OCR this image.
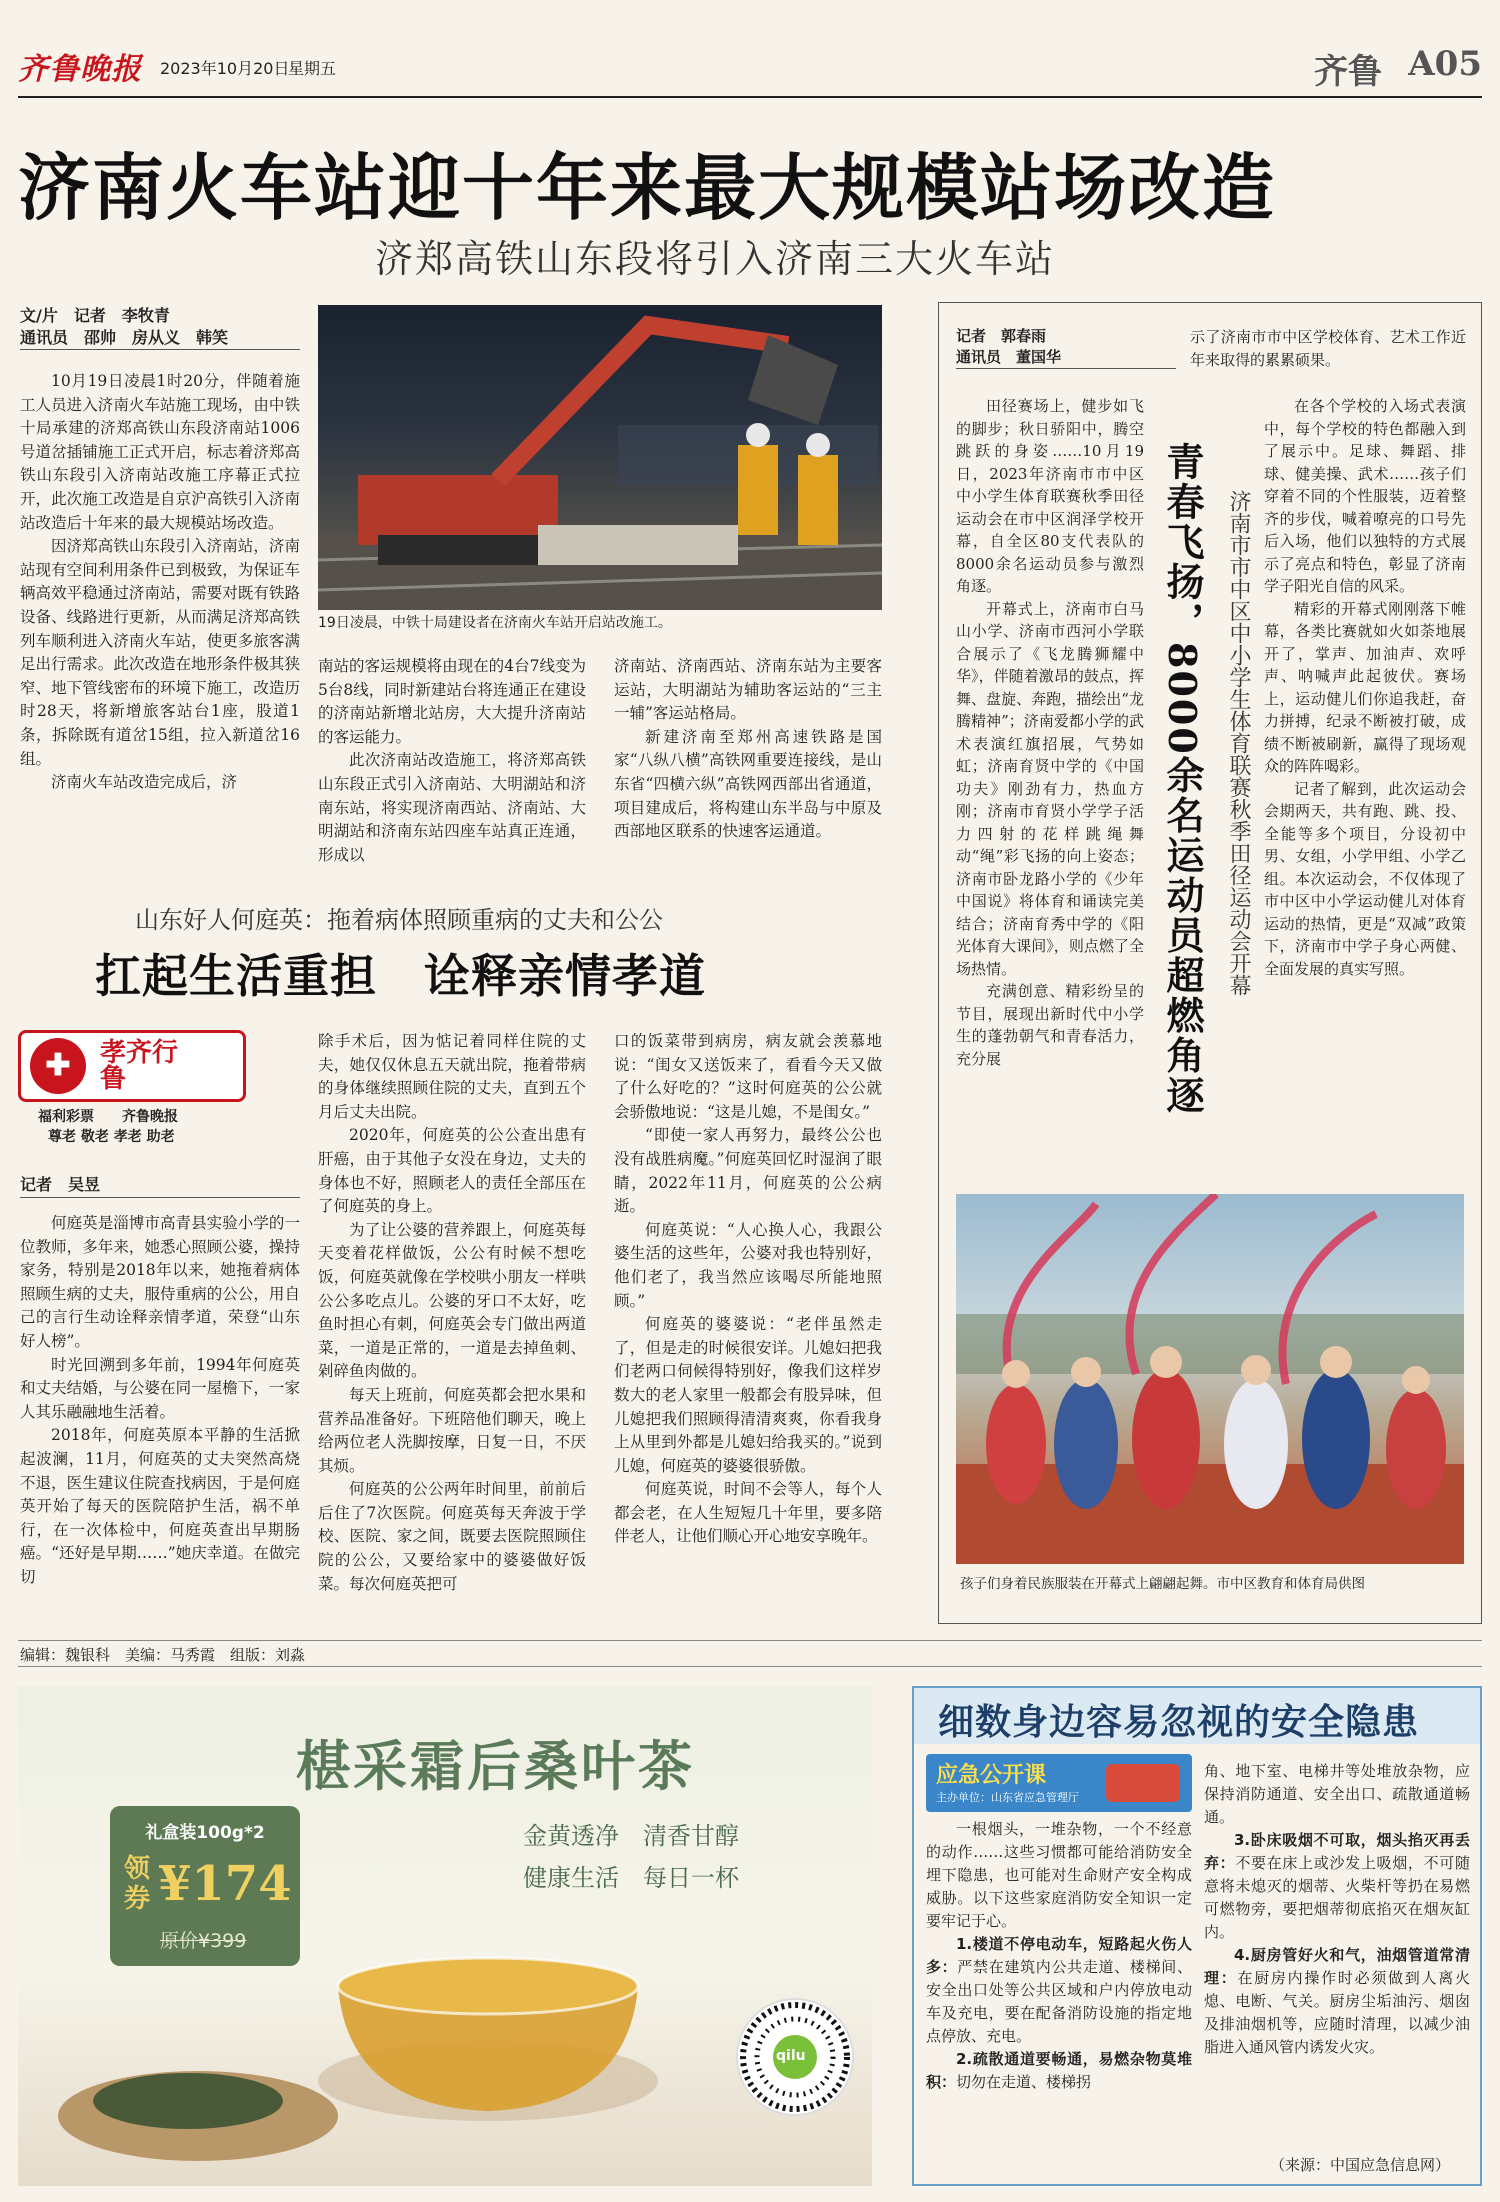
齐鲁晚报 2023年10月20日
星期五	齐鲁 A05
济南火车站迎十年来最大规模站场改造
济郑高铁山东段将引入济南三大火车站
文/片　记者　李牧青
通讯员　邵帅　房从义　韩笑
19日凌晨，中铁十局建设者在济南火车站开启站改施工。

10月19日凌晨1时20分，伴随着施工人员进入济南火车站施工现场，由中铁十局承建的济郑高铁山东段济南站1006号道岔插铺施工正式开启，标志着济郑高铁山东段引入济南站改施工序幕正式拉开，此次施工改造是自京沪高铁引入济南站改造后十年来的最大规模站场改造。

因济郑高铁山东段引入济南站，济南站现有空间利用条件已到极致，为保证车辆高效平稳通过济南站，需要对既有铁路设备、线路进行更新，从而满足济郑高铁列车顺利进入济南火车站，使更多旅客满足出行需求。此次改造在地形条件极其狭窄、地下管线密布的环境下施工，改造历时28天，将新增旅客站台1座，股道1条，拆除既有道岔15组，拉入新道岔16组。

济南火车站改造完成后，济

南站的客运规模将由现在的4台7线变为5台8线，同时新建站台将连通正在建设的济南站新增北站房，大大提升济南站的客运能力。

此次济南站改造施工，将济郑高铁山东段正式引入济南站、大明湖站和济南东站，将实现济南西站、济南站、大明湖站和济南东站四座车站真正连通，形成以

济南站、济南西站、济南东站为主要客运站，大明湖站为辅助客运站的“三主一辅”客运站格局。

新建济南至郑州高速铁路是国家“八纵八横”高铁网重要连接线，是山东省“四横六纵”高铁网西部出省通道，项目建成后，将构建山东半岛与中原及西部地区联系的快速客运通道。

山东好人何庭英：拖着病体照顾重病的丈夫和公公
扛起生活重担　诠释亲情孝道
✚	孝齐行鲁
福利彩票　　齐鲁晚报
尊老 敬老 孝老 助老
记者　吴昱

何庭英是淄博市高青县实验小学的一位教师，多年来，她悉心照顾公婆，操持家务，特别是2018年以来，她拖着病体照顾生病的丈夫，服侍重病的公公，用自己的言行生动诠释亲情孝道，荣登“山东好人榜”。

时光回溯到多年前，1994年何庭英和丈夫结婚，与公婆在同一屋檐下，一家人其乐融融地生活着。

2018年，何庭英原本平静的生活掀起波澜，11月，何庭英的丈夫突然高烧不退，医生建议住院查找病因，于是何庭英开始了每天的医院陪护生活，祸不单行，在一次体检中，何庭英查出早期肠癌。“还好是早期……”她庆幸道。在做完切

除手术后，因为惦记着同样住院的丈夫，她仅仅休息五天就出院，拖着带病的身体继续照顾住院的丈夫，直到五个月后丈夫出院。

2020年，何庭英的公公查出患有肝癌，由于其他子女没在身边，丈夫的身体也不好，照顾老人的责任全部压在了何庭英的身上。

为了让公婆的营养跟上，何庭英每天变着花样做饭，公公有时候不想吃饭，何庭英就像在学校哄小朋友一样哄公公多吃点儿。公婆的牙口不太好，吃鱼时担心有刺，何庭英会专门做出两道菜，一道是正常的，一道是去掉鱼刺、剁碎鱼肉做的。

每天上班前，何庭英都会把水果和营养品准备好。下班陪他们聊天，晚上给两位老人洗脚按摩，日复一日，不厌其烦。

何庭英的公公两年时间里，前前后后住了7次医院。何庭英每天奔波于学校、医院、家之间，既要去医院照顾住院的公公，又要给家中的婆婆做好饭菜。每次何庭英把可

口的饭菜带到病房，病友就会羡慕地说：“闺女又送饭来了，看看今天又做了什么好吃的？”这时何庭英的公公就会骄傲地说：“这是儿媳，不是闺女。”

“即使一家人再努力，最终公公也没有战胜病魔。”何庭英回忆时湿润了眼睛，2022年11月，何庭英的公公病逝。

何庭英说：“人心换人心，我跟公婆生活的这些年，公婆对我也特别好，他们老了，我当然应该喝尽所能地照顾。”

何庭英的婆婆说：“老伴虽然走了，但是走的时候很安详。儿媳妇把我们老两口伺候得特别好，像我们这样岁数大的老人家里一般都会有股异味，但儿媳把我们照顾得清清爽爽，你看我身上从里到外都是儿媳妇给我买的。”说到儿媳，何庭英的婆婆很骄傲。

何庭英说，时间不会等人，每个人都会老，在人生短短几十年里，要多陪伴老人，让他们顺心开心地安享晚年。

记者　郭春雨
通讯员　董国华

田径赛场上，健步如飞的脚步；秋日骄阳中，腾空跳跃的身姿……10月19日，2023年济南市市中区中小学生体育联赛秋季田径运动会在市中区润泽学校开幕，自全区80支代表队的8000余名运动员参与激烈角逐。

开幕式上，济南市白马山小学、济南市西河小学联合展示了《飞龙腾狮耀中华》，伴随着激昂的鼓点，挥舞、盘旋、奔跑，描绘出“龙腾精神”；济南爱都小学的武术表演红旗招展，气势如虹；济南育贤中学的《中国功夫》刚劲有力，热血方刚；济南市育贤小学学子活力四射的花样跳绳舞动“绳”彩飞扬的向上姿态；济南市卧龙路小学的《少年中国说》将体育和诵读完美结合；济南育秀中学的《阳光体育大课间》，则点燃了全场热情。

充满创意、精彩纷呈的节目，展现出新时代中小学生的蓬勃朝气和青春活力，充分展	青春飞扬，8000余名运动员超燃角逐 济南市市中区中小学生体育联赛秋季田径运动会开幕

示了济南市市中区学校体育、艺术工作近年来取得的累累硕果。

在各个学校的入场式表演中，每个学校的特色都融入到了展示中。足球、舞蹈、排球、健美操、武术……孩子们穿着不同的个性服装，迈着整齐的步伐，喊着嘹亮的口号先后入场，他们以独特的方式展示了亮点和特色，彰显了济南学子阳光自信的风采。

精彩的开幕式刚刚落下帷幕，各类比赛就如火如荼地展开了，掌声、加油声、欢呼声、呐喊声此起彼伏。赛场上，运动健儿们你追我赶，奋力拼搏，纪录不断被打破，成绩不断被刷新，赢得了现场观众的阵阵喝彩。

记者了解到，此次运动会会期两天，共有跑、跳、投、全能等多个项目，分设初中男、女组，小学甲组、小学乙组。本次运动会，不仅体现了市中区中小学运动健儿对体育运动的热情，更是“双减”政策下，济南市中学子身心两健、全面发展的真实写照。

孩子们身着民族服装在开幕式上翩翩起舞。市中区教育和体育局供图
编辑：魏银科　美编：马秀霞　组版：刘淼
椹采霜后桑叶茶
金黄透净　清香甘醇
健康生活　每日一杯
礼盒装100g*2
领券 ¥174
原价¥399
qilu
细数身边容易忽视的安全隐患
应急公开课
主办单位：山东省应急管理厅

一根烟头，一堆杂物，一个不经意的动作……这些习惯都可能给消防安全埋下隐患，也可能对生命财产安全构成威胁。以下这些家庭消防安全知识一定要牢记于心。

1.楼道不停电动车，短路起火伤人多：严禁在建筑内公共走道、楼梯间、安全出口处等公共区域和户内停放电动车及充电，要在配备消防设施的指定地点停放、充电。

2.疏散通道要畅通，易燃杂物莫堆积：切勿在走道、楼梯拐

角、地下室、电梯井等处堆放杂物，应保持消防通道、安全出口、疏散通道畅通。

3.卧床吸烟不可取，烟头掐灭再丢弃：不要在床上或沙发上吸烟，不可随意将未熄灭的烟蒂、火柴杆等扔在易燃可燃物旁，要把烟蒂彻底掐灭在烟灰缸内。

4.厨房管好火和气，油烟管道常清理：在厨房内操作时必须做到人离火熄、电断、气关。厨房尘垢油污、烟囱及排油烟机等，应随时清理，以减少油脂进入通风管内诱发火灾。

（来源：中国应急信息网）
